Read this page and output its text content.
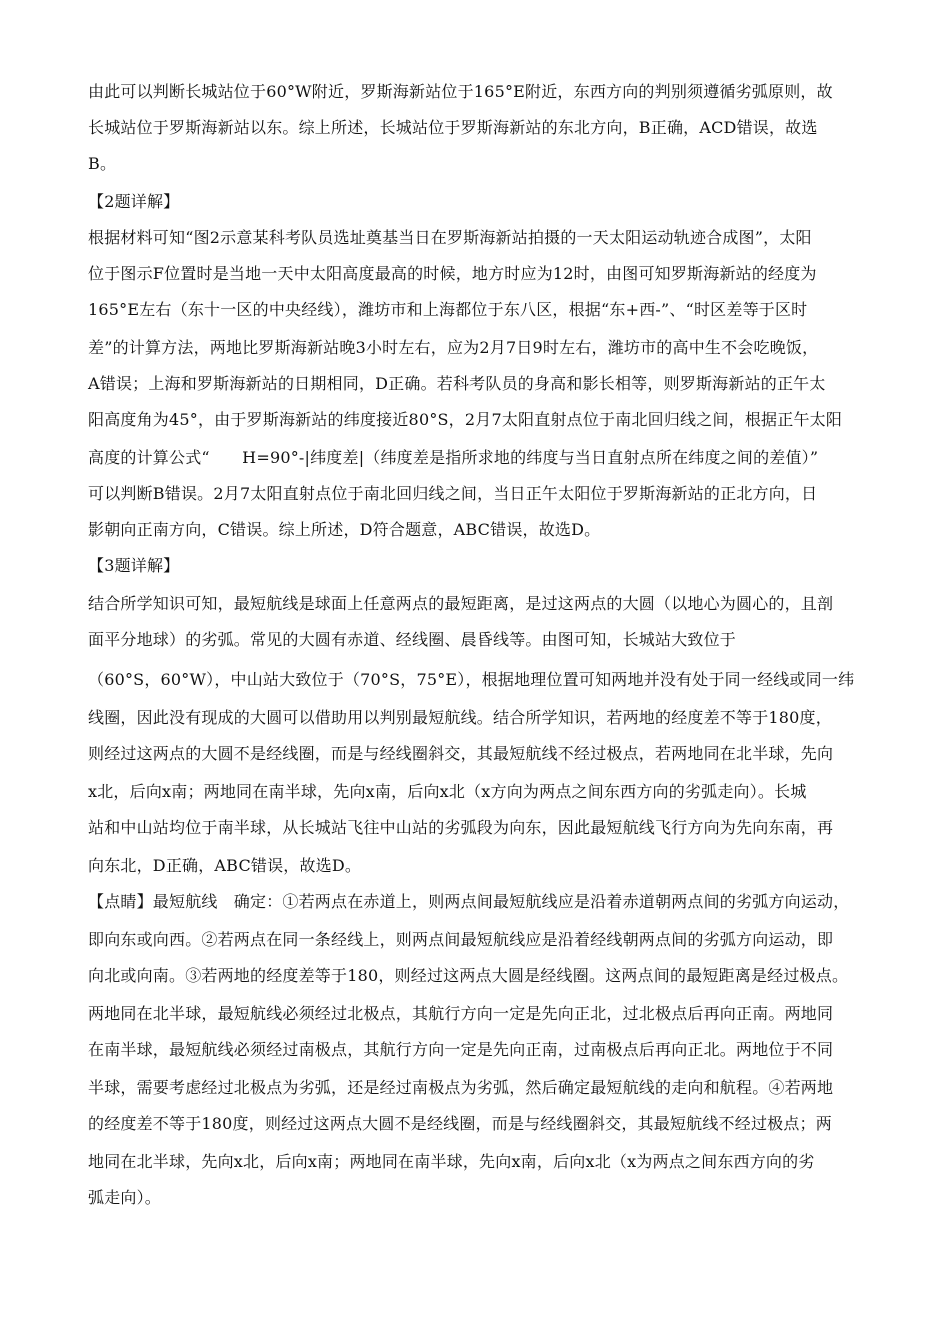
由此可以判断长城站位于60°W附近，罗斯海新站位于165°E附近，东西方向的判别须遵循劣弧原则，故
长城站位于罗斯海新站以东。综上所述，长城站位于罗斯海新站的东北方向，B正确，ACD错误，故选
B。
【2题详解】
根据材料可知“图2示意某科考队员选址奠基当日在罗斯海新站拍摄的一天太阳运动轨迹合成图”，太阳
位于图示F位置时是当地一天中太阳高度最高的时候，地方时应为12时，由图可知罗斯海新站的经度为
165°E左右（东十一区的中央经线），潍坊市和上海都位于东八区，根据“东+西-”、“时区差等于区时
差”的计算方法，两地比罗斯海新站晚3小时左右，应为2月7日9时左右，潍坊市的高中生不会吃晚饭，
A错误；上海和罗斯海新站的日期相同，D正确。若科考队员的身高和影长相等，则罗斯海新站的正午太
阳高度角为45°，由于罗斯海新站的纬度接近80°S，2月7太阳直射点位于南北回归线之间，根据正午太阳
高度的计算公式“　　H=90°-|纬度差|（纬度差是指所求地的纬度与当日直射点所在纬度之间的差值）”
可以判断B错误。2月7太阳直射点位于南北回归线之间，当日正午太阳位于罗斯海新站的正北方向，日
影朝向正南方向，C错误。综上所述，D符合题意，ABC错误，故选D。
【3题详解】
结合所学知识可知，最短航线是球面上任意两点的最短距离，是过这两点的大圆（以地心为圆心的，且剖
面平分地球）的劣弧。常见的大圆有赤道、经线圈、晨昏线等。由图可知，长城站大致位于
（60°S，60°W），中山站大致位于（70°S，75°E），根据地理位置可知两地并没有处于同一经线或同一纬
线圈，因此没有现成的大圆可以借助用以判别最短航线。结合所学知识，若两地的经度差不等于180度，
则经过这两点的大圆不是经线圈，而是与经线圈斜交，其最短航线不经过极点，若两地同在北半球，先向
x北，后向x南；两地同在南半球，先向x南，后向x北（x方向为两点之间东西方向的劣弧走向）。长城
站和中山站均位于南半球，从长城站飞往中山站的劣弧段为向东，因此最短航线飞行方向为先向东南，再
向东北，D正确，ABC错误，故选D。
【点睛】最短航线　确定：①若两点在赤道上，则两点间最短航线应是沿着赤道朝两点间的劣弧方向运动，
即向东或向西。②若两点在同一条经线上，则两点间最短航线应是沿着经线朝两点间的劣弧方向运动，即
向北或向南。③若两地的经度差等于180，则经过这两点大圆是经线圈。这两点间的最短距离是经过极点。
两地同在北半球，最短航线必须经过北极点，其航行方向一定是先向正北，过北极点后再向正南。两地同
在南半球，最短航线必须经过南极点，其航行方向一定是先向正南，过南极点后再向正北。两地位于不同
半球，需要考虑经过北极点为劣弧，还是经过南极点为劣弧，然后确定最短航线的走向和航程。④若两地
的经度差不等于180度，则经过这两点大圆不是经线圈，而是与经线圈斜交，其最短航线不经过极点；两
地同在北半球，先向x北，后向x南；两地同在南半球，先向x南，后向x北（x为两点之间东西方向的劣
弧走向）。
